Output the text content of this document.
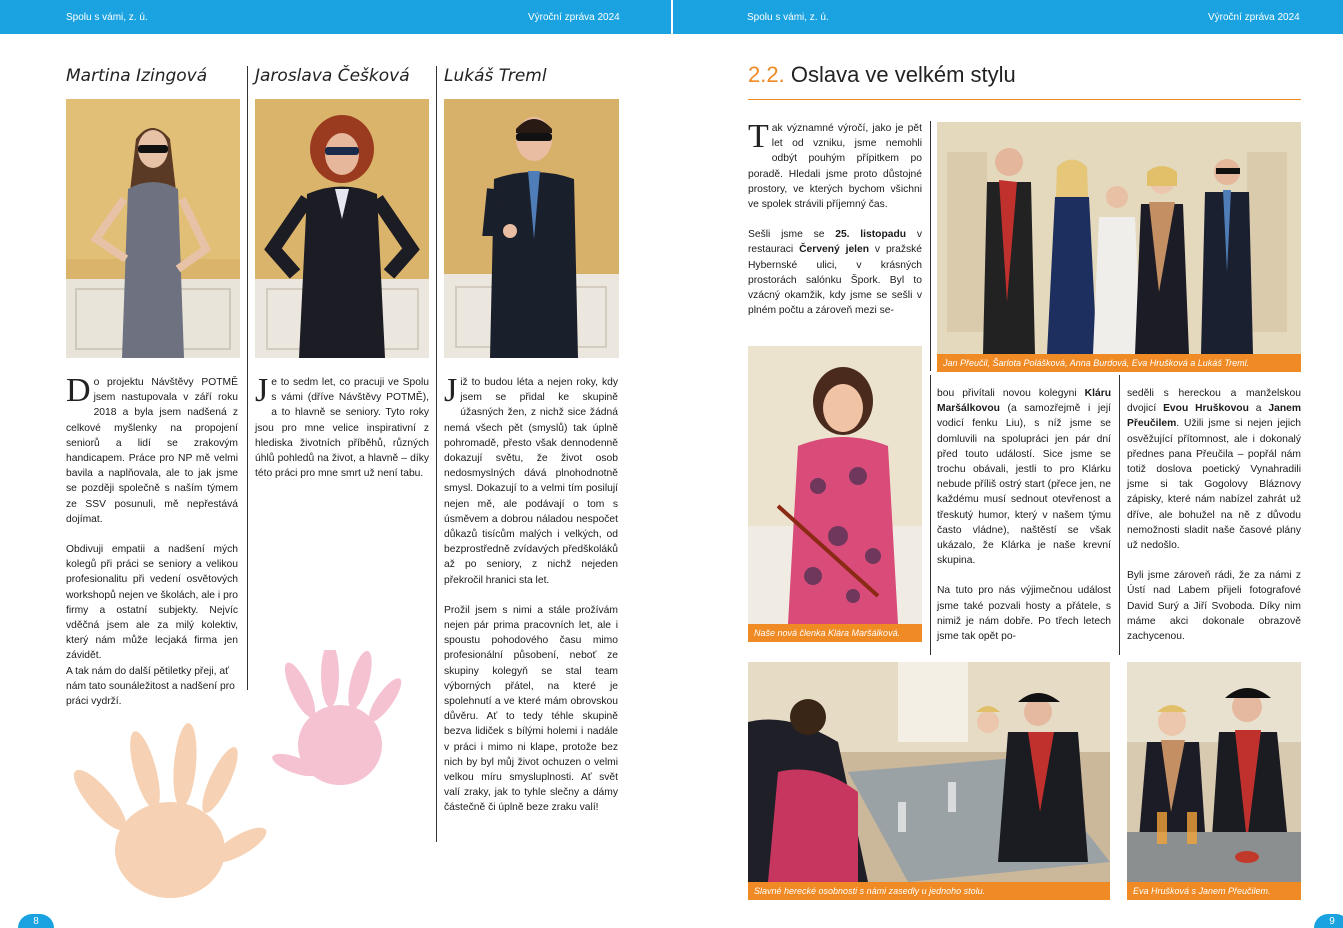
Spolu s vámi, z. ú.	Výroční zpráva 2024	Spolu s vámi, z. ú.	Výroční zpráva 2024
Martina Izingová	Jaroslava Češková Lukáš Treml

Do projektu Návštěvy POTMĚ jsem nastupovala v září roku 2018 a byla jsem nadšená z celkové myšlenky na propojení seniorů a lidí se zrakovým handicapem. Práce pro NP mě velmi bavila a naplňovala, ale to jak jsme se později společně s naším týmem ze SSV posunuli, mě nepřestává dojímat.

Obdivuji empatii a nadšení mých kolegů při práci se seniory a velikou profesionalitu při vedení osvětových workshopů nejen ve školách, ale i pro firmy a ostatní subjekty. Nejvíc vděčná jsem ale za milý kolektiv, který nám může lecjaká firma jen závidět.

A tak nám do další pětiletky přeji, ať nám tato sounáležitost a nadšení pro práci vydrží.

Je to sedm let, co pracuji ve Spolu s vámi (dříve Návštěvy POTMĚ), a to hlavně se seniory. Tyto roky jsou pro mne velice inspirativní z hlediska životních příběhů, různých úhlů pohledů na život, a hlavně – díky této práci pro mne smrt už není tabu.

Již to budou léta a nejen roky, kdy jsem se přidal ke skupině úžasných žen, z nichž sice žádná nemá všech pět (smyslů) tak úplně pohromadě, přesto však dennodenně dokazují světu, že život osob nedosmyslných dává plnohodnotně smysl. Dokazují to a velmi tím posilují nejen mě, ale podávají o tom s úsměvem a dobrou náladou nespočet důkazů tisícům malých i velkých, od bezprostředně zvídavých předškoláků až po seniory, z nichž nejeden překročil hranici sta let.

Prožil jsem s nimi a stále prožívám nejen pár prima pracovních let, ale i spoustu pohodového času mimo profesionální působení, neboť ze skupiny kolegyň se stal team výborných přátel, na které je spolehnutí a ve které mám obrovskou důvěru. Ať to tedy téhle skupině bezva lidiček s bílými holemi i nadále v práci i mimo ni klape, protože bez nich by byl můj život ochuzen o velmi velkou míru smysluplnosti. Ať svět valí zraky, jak to tyhle slečny a dámy částečně či úplně beze zraku valí!

8
2.2. Oslava ve velkém stylu

Tak významné výročí, jako je pět let od vzniku, jsme nemohli odbýt pouhým přípitkem po poradě. Hledali jsme proto důstojné prostory, ve kterých bychom všichni ve spolek strávili příjemný čas.

Sešli jsme se 25. listopadu v restauraci Červený jelen v pražské Hybernské ulici, v krásných prostorách salónku Špork. Byl to vzácný okamžik, kdy jsme se sešli v plném počtu a zároveň mezi se-

Jan Přeučil, Šarlota Polášková, Anna Burdová, Eva Hrušková a Lukáš Treml.
Naše nová členka Klára Maršálková.

bou přivítali novou kolegyni Kláru Maršálkovou (a samozřejmě i její vodicí fenku Liu), s níž jsme se domluvili na spolupráci jen pár dní před touto událostí. Sice jsme se trochu obávali, jestli to pro Klárku nebude příliš ostrý start (přece jen, ne každému musí sednout otevřenost a třeskutý humor, který v našem týmu často vládne), naštěstí se však ukázalo, že Klárka je naše krevní skupina.

Na tuto pro nás výjimečnou událost jsme také pozvali hosty a přátele, s nimiž je nám dobře. Po třech letech jsme tak opět po-

seděli s hereckou a manželskou dvojicí Evou Hruškovou a Janem Přeučilem. Užili jsme si nejen jejich osvěžující přítomnost, ale i dokonalý přednes pana Přeučila – popřál nám totiž doslova poetický Vynahradili jsme si tak Gogolovy Bláznovy zápisky, které nám nabízel zahrát už dříve, ale bohužel na ně z důvodu nemožnosti sladit naše časové plány už nedošlo.

Byli jsme zároveň rádi, že za námi z Ústí nad Labem přijeli fotografové David Surý a Jiří Svoboda. Díky nim máme akci dokonale obrazově zachycenou.

Slavné herecké osobnosti s námi zasedly u jednoho stolu.	Eva Hrušková s Janem Přeučilem.
9
